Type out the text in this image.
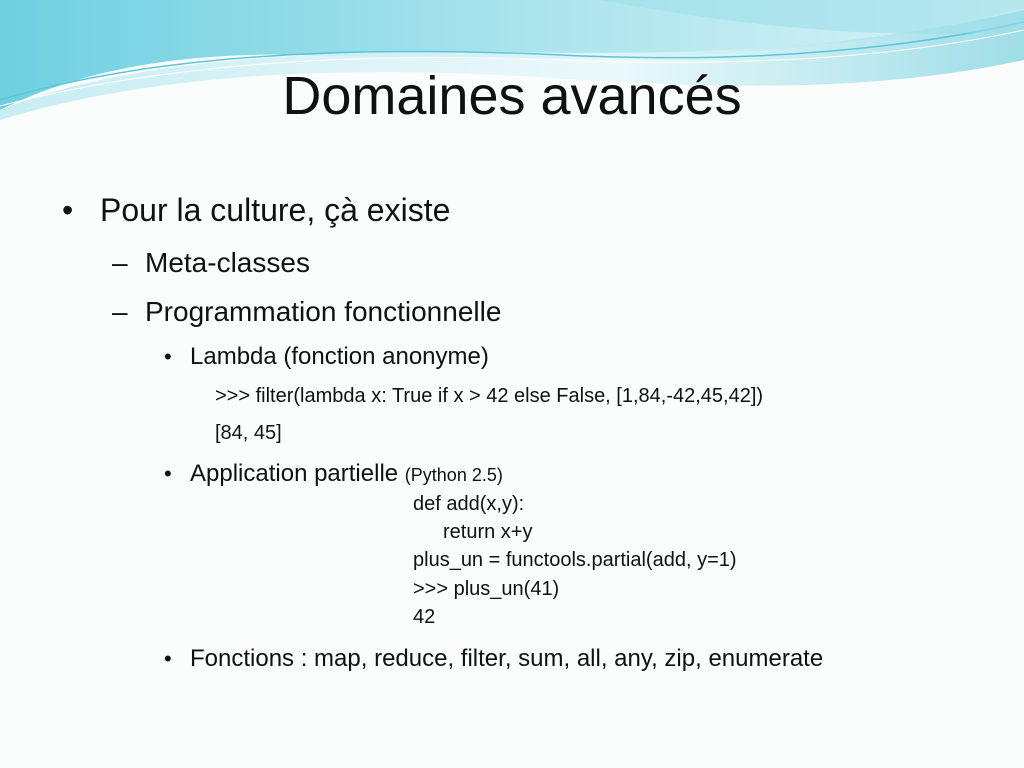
Domaines avancés
• Pour la culture, çà existe
– Meta-classes
– Programmation fonctionnelle
• Lambda (fonction anonyme)
>>> filter(lambda x: True if x > 42 else False, [1,84,-42,45,42])
[84, 45]
• Application partielle (Python 2.5)
def add(x,y):
return x+y
plus_un = functools.partial(add, y=1)
>>> plus_un(41)
42
• Fonctions : map, reduce, filter, sum, all, any, zip, enumerate
